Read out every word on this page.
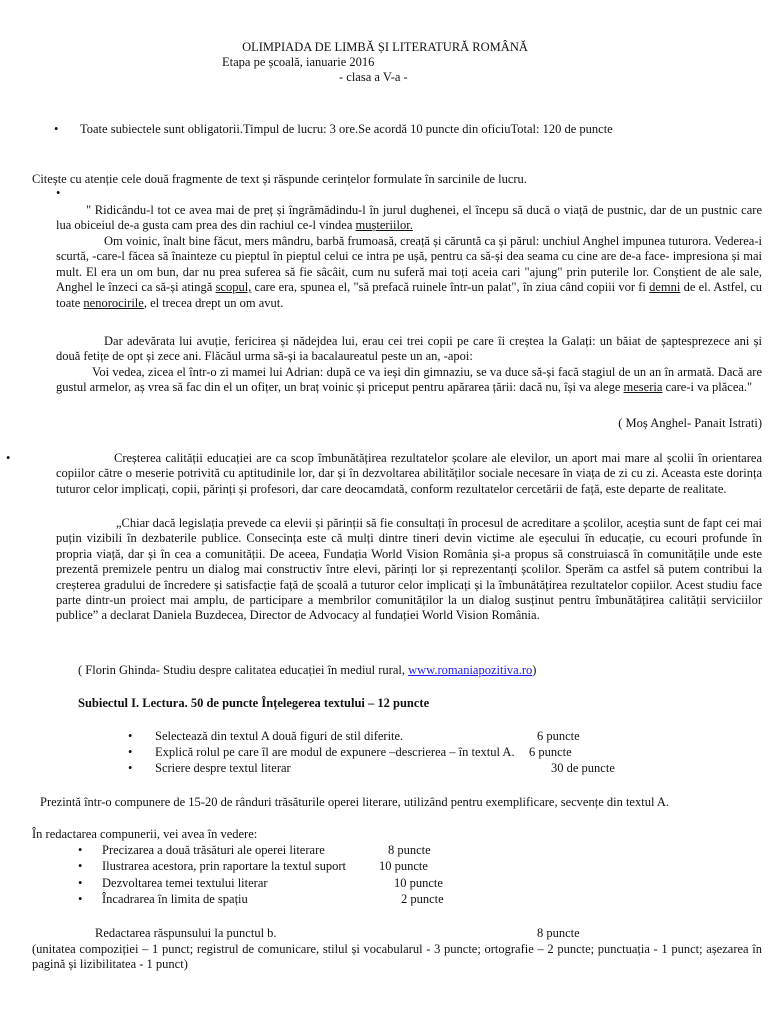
OLIMPIADA DE LIMBĂ ȘI LITERATURĂ ROMÂNĂ
Etapa pe școală, ianuarie 2016
- clasa a V-a -
• Toate subiectele sunt obligatorii.Timpul de lucru: 3 ore.Se acordă 10 puncte din oficiuTotal: 120 de puncte
Citește cu atenție cele două fragmente de text și răspunde cerințelor formulate în sarcinile de lucru.
•
" Ridicându-l tot ce avea mai de preț și îngrămădindu-l în jurul dughenei, el începu să ducă o viață de pustnic, dar de un pustnic care lua obiceiul de-a gusta cam prea des din rachiul ce-l vindea mușteriilor.
Om voinic, înalt bine făcut, mers mândru, barbă frumoasă, creață și căruntă ca și părul: unchiul Anghel impunea tuturora. Vederea-i scurtă, -care-l făcea să înainteze cu pieptul în pieptul celui ce intra pe ușă, pentru ca să-și dea seama cu cine are de-a face- impresiona și mai mult. El era un om bun, dar nu prea suferea să fie sâcâit, cum nu suferă mai toți aceia cari "ajung" prin puterile lor. Conștient de ale sale, Anghel le înzeci ca să-și atingă scopul, care era, spunea el, "să prefacă ruinele într-un palat", în ziua când copiii vor fi demni de el. Astfel, cu toate nenorocirile, el trecea drept un om avut.
Dar adevărata lui avuție, fericirea și nădejdea lui, erau cei trei copii pe care îi creștea la Galați: un băiat de șaptesprezece ani și două fetițe de opt și zece ani. Flăcăul urma să-și ia bacalaureatul peste un an, -apoi:
Voi vedea, zicea el într-o zi mamei lui Adrian: după ce va ieși din gimnaziu, se va duce să-și facă stagiul de un an în armată. Dacă are gustul armelor, aș vrea să fac din el un ofițer, un braț voinic și priceput pentru apărarea țării: dacă nu, își va alege meseria care-i va plăcea."
( Moș Anghel- Panait Istrati)
•	Creșterea calității educației are ca scop îmbunătățirea rezultatelor școlare ale elevilor, un aport mai mare al școlii în orientarea copiilor către o meserie potrivită cu aptitudinile lor, dar și în dezvoltarea abilităților sociale necesare în viața de zi cu zi. Aceasta este dorința tuturor celor implicați, copii, părinți și profesori, dar care deocamdată, conform rezultatelor cercetării de față, este departe de realitate.
„Chiar dacă legislația prevede ca elevii și părinții să fie consultați în procesul de acreditare a școlilor, aceștia sunt de fapt cei mai puțin vizibili în dezbaterile publice. Consecința este că mulți dintre tineri devin victime ale eșecului în educație, cu ecouri profunde în propria viață, dar și în cea a comunității. De aceea, Fundația World Vision România și-a propus să construiască în comunitățile unde este prezentă premizele pentru un dialog mai constructiv între elevi, părinți lor și reprezentanți școlilor. Sperăm ca astfel să putem contribui la creșterea gradului de încredere și satisfacție față de școală a tuturor celor implicați și la îmbunătățirea rezultatelor copiilor. Acest studiu face parte dintr-un proiect mai amplu, de participare a membrilor comunităților la un dialog susținut pentru îmbunătățirea calității serviciilor publice” a declarat Daniela Buzdecea, Director de Advocacy al fundației World Vision România.
( Florin Ghinda- Studiu despre calitatea educației în mediul rural, www.romaniapozitiva.ro)
Subiectul I. Lectura. 50 de puncte Înțelegerea textului – 12 puncte
• Selectează din textul A două figuri de stil diferite.	6 puncte
• Explică rolul pe care îl are modul de expunere –descrierea – în textul A. 6 puncte
• Scriere despre textul literar	30 de puncte
Prezintă într-o compunere de 15-20 de rânduri trăsăturile operei literare, utilizând pentru exemplificare, secvențe din textul A.
În redactarea compunerii, vei avea în vedere:
• Precizarea a două trăsături ale operei literare	8 puncte
• Ilustrarea acestora, prin raportare la textul suport	10 puncte
• Dezvoltarea temei textului literar	10 puncte
• Încadrarea în limita de spațiu	2 puncte
Redactarea răspunsului la punctul b.	8 puncte
(unitatea compoziției – 1 punct; registrul de comunicare, stilul și vocabularul - 3 puncte; ortografie – 2 puncte; punctuația - 1 punct; așezarea în pagină și lizibilitatea - 1 punct)
